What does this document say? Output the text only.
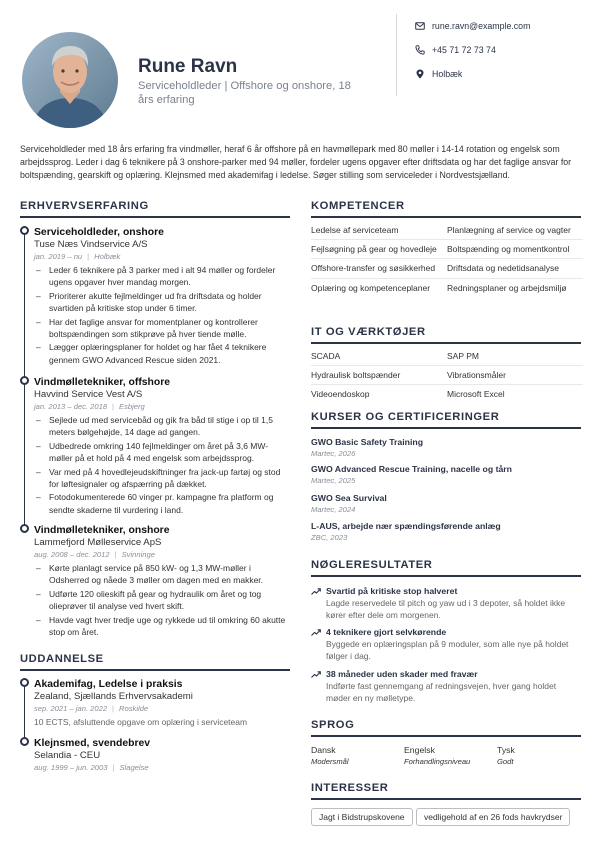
Rune Ravn
Serviceholdleder | Offshore og onshore, 18 års erfaring
rune.ravn@example.com
+45 71 72 73 74
Holbæk
Serviceholdleder med 18 års erfaring fra vindmøller, heraf 6 år offshore på en havmøllepark med 80 møller i 14-14 rotation og engelsk som arbejdssprog. Leder i dag 6 teknikere på 3 onshore-parker med 94 møller, fordeler ugens opgaver efter driftsdata og har det faglige ansvar for boltspænding, gearskift og oplæring. Klejnsmed med akademifag i ledelse. Søger stilling som serviceleder i Nordvestsjælland.
ERHVERVSERFARING
Serviceholdleder, onshore
Tuse Næs Vindservice A/S
jan. 2019 – nu | Holbæk
– Leder 6 teknikere på 3 parker med i alt 94 møller og fordeler ugens opgaver hver mandag morgen.
– Prioriterer akutte fejlmeldinger ud fra driftsdata og holder svartiden på kritiske stop under 6 timer.
– Har det faglige ansvar for momentplaner og kontrollerer boltspændingen som stikprøve på hver tiende mølle.
– Lægger oplæringsplaner for holdet og har fået 4 teknikere gennem GWO Advanced Rescue siden 2021.
Vindmølletekniker, offshore
Havvind Service Vest A/S
jan. 2013 – dec. 2018 | Esbjerg
– Sejlede ud med servicebåd og gik fra båd til stige i op til 1,5 meters bølgehøjde, 14 dage ad gangen.
– Udbedrede omkring 140 fejlmeldinger om året på 3,6 MW-møller på et hold på 4 med engelsk som arbejdssprog.
– Var med på 4 hovedlejeudskiftninger fra jack-up fartøj og stod for løftesignaler og afspærring på dækket.
– Fotodokumenterede 60 vinger pr. kampagne fra platform og sendte skaderne til vurdering i land.
Vindmølletekniker, onshore
Lammefjord Mølleservice ApS
aug. 2008 – dec. 2012 | Svinninge
– Kørte planlagt service på 850 kW- og 1,3 MW-møller i Odsherred og nåede 3 møller om dagen med en makker.
– Udførte 120 olieskift på gear og hydraulik om året og tog olieprøver til analyse ved hvert skift.
– Havde vagt hver tredje uge og rykkede ud til omkring 60 akutte stop om året.
UDDANNELSE
Akademifag, Ledelse i praksis
Zealand, Sjællands Erhvervsakademi
sep. 2021 – jan. 2022 | Roskilde
10 ECTS, afsluttende opgave om oplæring i serviceteam
Klejnsmed, svendebrev
Selandia - CEU
aug. 1999 – jun. 2003 | Slagelse
KOMPETENCER
Ledelse af serviceteam	Planlægning af service og vagter
Fejlsøgning på gear og hovedleje	Boltspænding og momentkontrol
Offshore-transfer og søsikkerhed	Driftsdata og nedetidsanalyse
Oplæring og kompetenceplaner	Redningsplaner og arbejdsmiljø
IT OG VÆRKTØJER
SCADA	SAP PM
Hydraulisk boltspænder	Vibrationsmåler
Videoendoskop	Microsoft Excel
KURSER OG CERTIFICERINGER
GWO Basic Safety Training
Martec, 2026
GWO Advanced Rescue Training, nacelle og tårn
Martec, 2025
GWO Sea Survival
Martec, 2024
L-AUS, arbejde nær spændingsførende anlæg
ZBC, 2023
NØGLERESULTATER
Svartid på kritiske stop halveret
Lagde reservedele til pitch og yaw ud i 3 depoter, så holdet ikke kører efter dele om morgenen.
4 teknikere gjort selvkørende
Byggede en oplæringsplan på 9 moduler, som alle nye på holdet følger i dag.
38 måneder uden skader med fravær
Indførte fast gennemgang af redningsvejen, hver gang holdet møder en ny mølletype.
SPROG
Dansk
Modersmål
Engelsk
Forhandlingsniveau
Tysk
Godt
INTERESSER
Jagt i Bidstrupskovene	vedligehold af en 26 fods havkrydser
